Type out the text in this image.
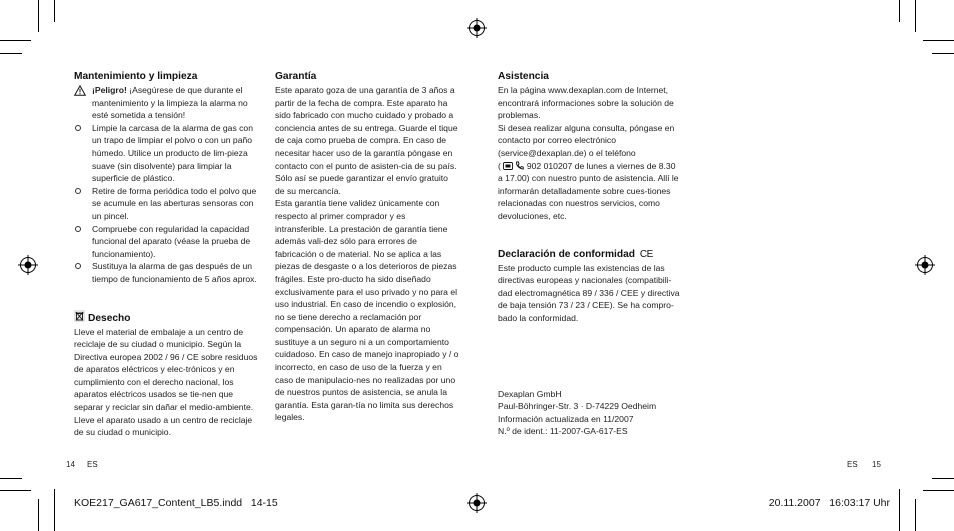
Mantenimiento y limpieza

¡Peligro! ¡Asegúrese de que durante el mantenimiento y la limpieza la alarma no esté sometida a tensión!
Limpie la carcasa de la alarma de gas con un trapo de limpiar el polvo o con un paño húmedo. Utilice un producto de lim-pieza suave (sin disolvente) para limpiar la superficie de plástico.
Retire de forma periódica todo el polvo que se acumule en las aberturas sensoras con un pincel.
Compruebe con regularidad la capacidad funcional del aparato (véase la prueba de funcionamiento).
Sustituya la alarma de gas después de un tiempo de funcionamiento de 5 años aprox.

Desecho

Lleve el material de embalaje a un centro de reciclaje de su ciudad o municipio. Según la Directiva europea 2002 / 96 / CE sobre residuos de aparatos eléctricos y elec-trónicos y en cumplimiento con el derecho nacional, los aparatos eléctricos usados se tie-nen que separar y reciclar sin dañar el medio-ambiente. Lleve el aparato usado a un centro de reciclaje de su ciudad o municipio.

Garantía

Este aparato goza de una garantía de 3 años a partir de la fecha de compra. Este aparato ha sido fabricado con mucho cuidado y probado a conciencia antes de su entrega. Guarde el tique de caja como prueba de compra. En caso de necesitar hacer uso de la garantía póngase en contacto con el punto de asisten-cia de su país. Sólo así se puede garantizar el envío gratuito de su mercancía.

Esta garantía tiene validez únicamente con respecto al primer comprador y es intransferible. La prestación de garantía tiene además vali-dez sólo para errores de fabricación o de material. No se aplica a las piezas de desgaste o a los deterioros de piezas frágiles. Este pro-ducto ha sido diseñado exclusivamente para el uso privado y no para el uso industrial. En caso de incendio o explosión, no se tiene derecho a reclamación por compensación. Un aparato de alarma no sustituye a un seguro ni a un comportamiento cuidadoso. En caso de manejo inapropiado y / o incorrecto, en caso de uso de la fuerza y en caso de manipulacio-nes no realizadas por uno de nuestros puntos de asistencia, se anula la garantía. Esta garan-tía no limita sus derechos legales.

Asistencia

En la página www.dexaplan.com de Internet, encontrará informaciones sobre la solución de problemas.

Si desea realizar alguna consulta, póngase en contacto por correo electrónico (service@dexaplan.de) o el teléfono
(	902 010207 de lunes a viernes de 8.30 a 17.00) con nuestro punto de asistencia. Allí le informarán detalladamente sobre cues-tiones relacionadas con nuestros servicios, como devoluciones, etc.

Declaración de conformidad CE

Este producto cumple las existencias de las directivas europeas y nacionales (compatibili-dad electromagnética 89 / 336 / CEE y directiva de baja tensión 73 / 23 / CEE). Se ha compro-bado la conformidad.

Dexaplan GmbH

Paul-Böhringer-Str. 3 · D-74229 Oedheim

Información actualizada en 11/2007

N.º de ident.: 11-2007-GA-617-ES

14 ES	ES 15
KOE217_GA617_Content_LB5.indd   14-15	20.11.2007   16:03:17 Uhr
